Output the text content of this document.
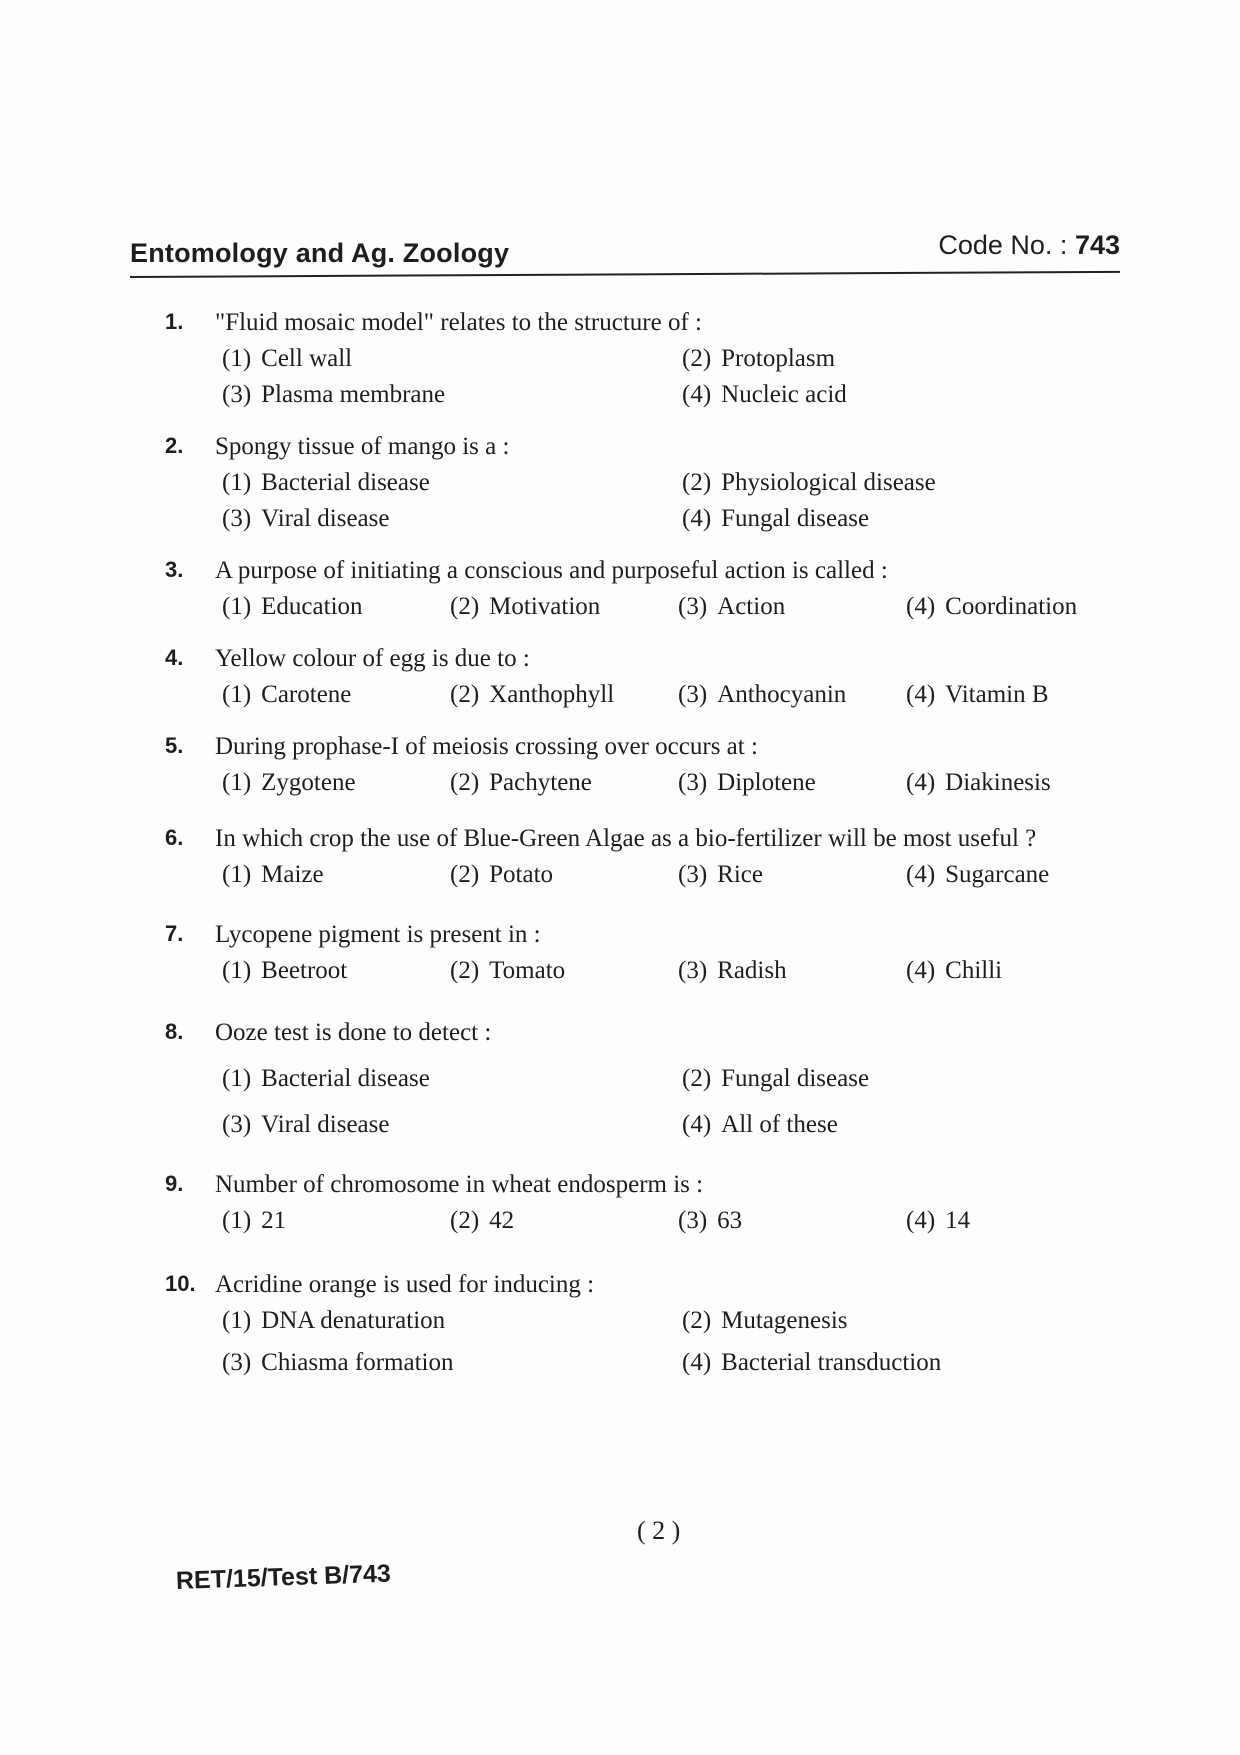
Entomology and Ag. Zoology	Code No. : 743
1. "Fluid mosaic model" relates to the structure of :
(1) Cell wall	(2) Protoplasm
(3) Plasma membrane	(4) Nucleic acid
2. Spongy tissue of mango is a :
(1) Bacterial disease	(2) Physiological disease
(3) Viral disease	(4) Fungal disease
3. A purpose of initiating a conscious and purposeful action is called :
(1) Education	(2) Motivation	(3) Action	(4) Coordination
4. Yellow colour of egg is due to :
(1) Carotene	(2) Xanthophyll	(3) Anthocyanin	(4) Vitamin B
5. During prophase-I of meiosis crossing over occurs at :
(1) Zygotene	(2) Pachytene	(3) Diplotene	(4) Diakinesis
6. In which crop the use of Blue-Green Algae as a bio-fertilizer will be most useful ?
(1) Maize	(2) Potato	(3) Rice	(4) Sugarcane
7. Lycopene pigment is present in :
(1) Beetroot	(2) Tomato	(3) Radish	(4) Chilli
8. Ooze test is done to detect :
(1) Bacterial disease	(2) Fungal disease
(3) Viral disease	(4) All of these
9. Number of chromosome in wheat endosperm is :
(1) 21	(2) 42	(3) 63	(4) 14
10. Acridine orange is used for inducing :
(1) DNA denaturation	(2) Mutagenesis
(3) Chiasma formation	(4) Bacterial transduction
( 2 )
RET/15/Test B/743
